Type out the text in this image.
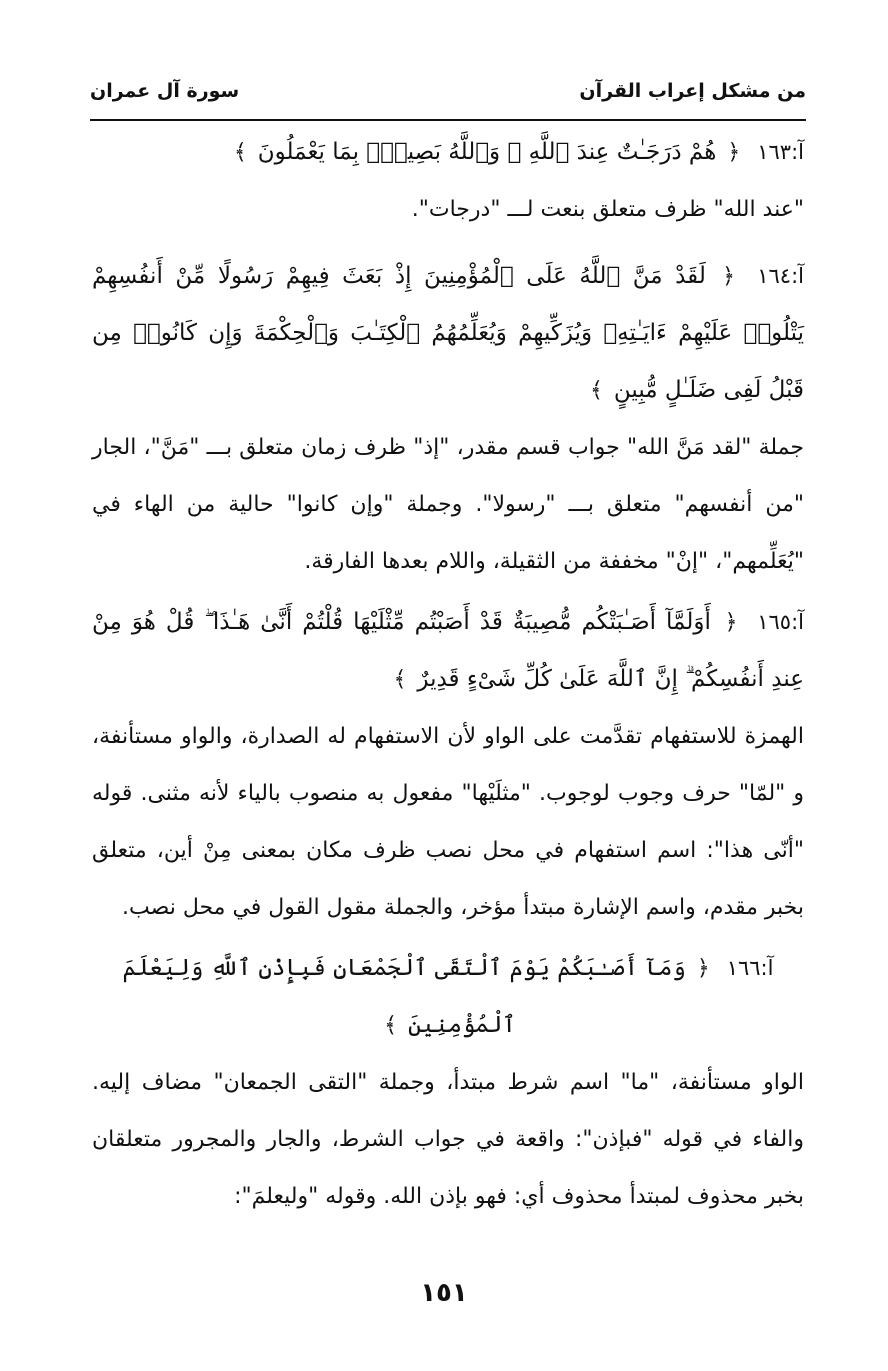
من مشكل إعراب القرآن
سورة آل عمران
آ:١٦٣ ﴿ هُمْ دَرَجَـٰتٌ عِندَ ٱللَّهِ ۗ وَٱللَّهُ بَصِيرٌۢ بِمَا يَعْمَلُونَ ﴾
"عند الله" ظرف متعلق بنعت لـــ "درجات".
آ:١٦٤ ﴿ لَقَدْ مَنَّ ٱللَّهُ عَلَى ٱلْمُؤْمِنِينَ إِذْ بَعَثَ فِيهِمْ رَسُولًا مِّنْ أَنفُسِهِمْ يَتْلُوا۟ عَلَيْهِمْ ءَايَـٰتِهِۦ وَيُزَكِّيهِمْ وَيُعَلِّمُهُمُ ٱلْكِتَـٰبَ وَٱلْحِكْمَةَ وَإِن كَانُوا۟ مِن قَبْلُ لَفِى ضَلَـٰلٍ مُّبِينٍ ﴾
جملة "لقد مَنَّ الله" جواب قسم مقدر، "إذ" ظرف زمان متعلق بـــ "مَنَّ"، الجار "من أنفسهم" متعلق بـــ "رسولا". وجملة "وإن كانوا" حالية من الهاء في "يُعَلِّمهم"، "إنْ" مخففة من الثقيلة، واللام بعدها الفارقة.
آ:١٦٥ ﴿ أَوَلَمَّآ أَصَـٰبَتْكُم مُّصِيبَةٌ قَدْ أَصَبْتُم مِّثْلَيْهَا قُلْتُمْ أَنَّىٰ هَـٰذَا ۖ قُلْ هُوَ مِنْ عِندِ أَنفُسِكُمْ ۗ إِنَّ ٱللَّهَ عَلَىٰ كُلِّ شَىْءٍ قَدِيرٌ ﴾
الهمزة للاستفهام تقدَّمت على الواو لأن الاستفهام له الصدارة، والواو مستأنفة، و "لمّا" حرف وجوب لوجوب. "مثلَيْها" مفعول به منصوب بالياء لأنه مثنى. قوله "أنّى هذا": اسم استفهام في محل نصب ظرف مكان بمعنى مِنْ أين، متعلق بخبر مقدم، واسم الإشارة مبتدأ مؤخر، والجملة مقول القول في محل نصب.
آ:١٦٦ ﴿ وَمَآ أَصَـٰبَكُمْ يَوْمَ ٱلْتَقَى ٱلْجَمْعَانِ فَبِإِذْنِ ٱللَّهِ وَلِيَعْلَمَ ٱلْمُؤْمِنِينَ ﴾
الواو مستأنفة، "ما" اسم شرط مبتدأ، وجملة "التقى الجمعان" مضاف إليه. والفاء في قوله "فبإذن": واقعة في جواب الشرط، والجار والمجرور متعلقان بخبر محذوف لمبتدأ محذوف أي: فهو بإذن الله. وقوله "وليعلمَ":
١٥١
